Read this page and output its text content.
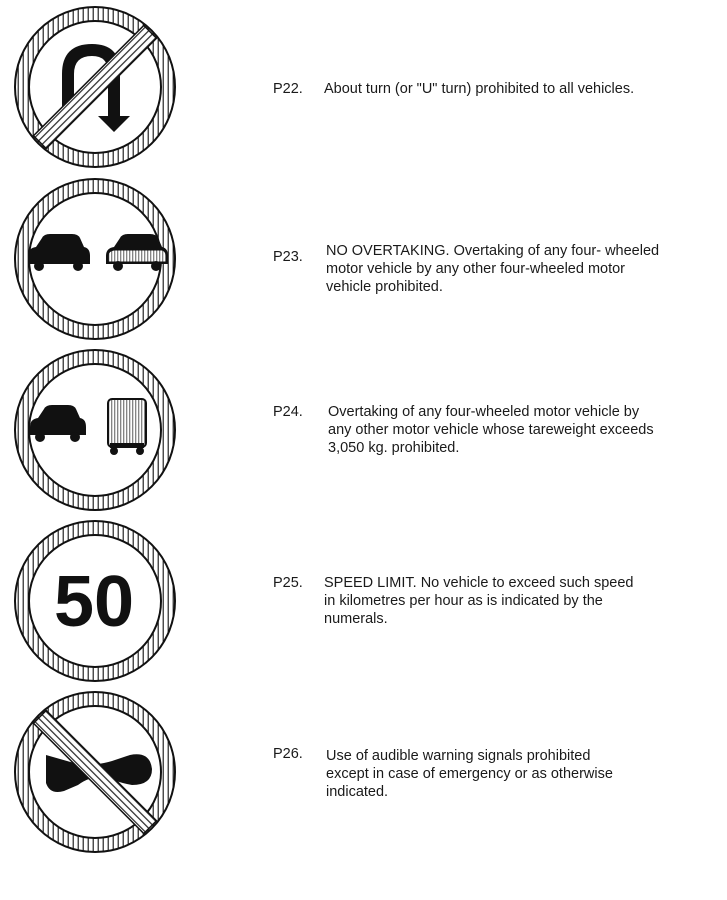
P22. About turn (or "U" turn) prohibited to all vehicles.
P23. NO OVERTAKING. Overtaking of any four- wheeled
motor vehicle by any other four-wheeled motor
vehicle prohibited.
P24. Overtaking of any four-wheeled motor vehicle by
any other motor vehicle whose tareweight exceeds
3,050 kg. prohibited.
50	P25. SPEED LIMIT. No vehicle to exceed such speed
in kilometres per hour as is indicated by the
numerals.
P26. Use of audible warning signals prohibited
except in case of emergency or as otherwise
indicated.
